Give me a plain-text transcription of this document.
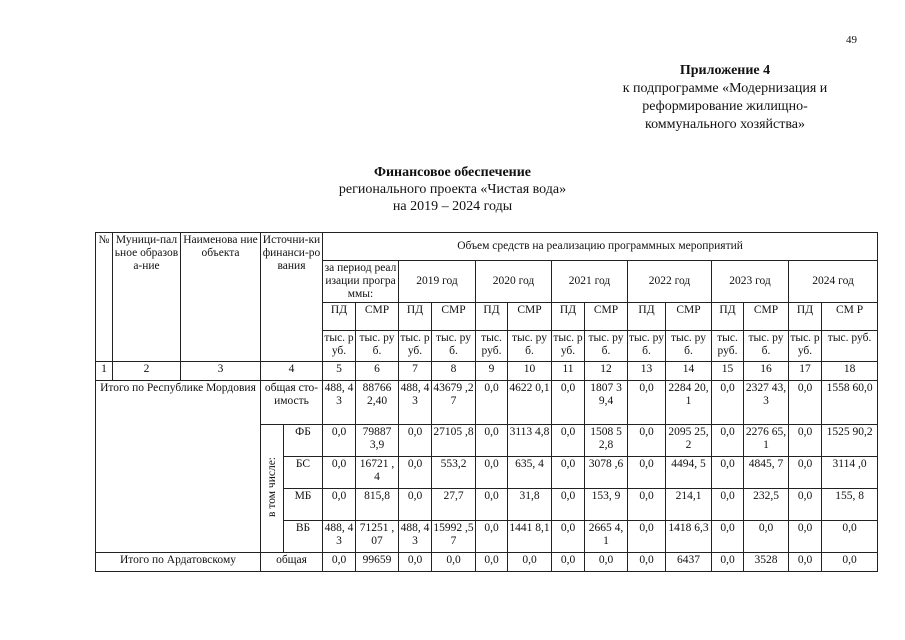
49
Приложение 4
к подпрограмме «Модернизация и
реформирование жилищно-
коммунального хозяйства»
Финансовое обеспечение
регионального проекта «Чистая вода»
на 2019 – 2024 годы
№	Муници-пальное образова-ние	Наименова ние объекта	Источни-ки финанси-рования		Объем средств на реализацию программных мероприятий													
					за период реализации программы:		2019 год		2020 год		2021 год		2022 год		2023 год		2024 год	
					ПД	СМР	ПД	СМР	ПД	СМР	ПД	СМР	ПД	СМР	ПД	СМР	ПД	СМ Р
					тыс. руб.	тыс. руб.	тыс. руб.	тыс. руб.	тыс. руб.	тыс. руб.	тыс. руб.	тыс. руб.	тыс. руб.	тыс. руб.	тыс. руб.	тыс. руб.	тыс. руб.	тыс. руб.
1	2	3	4		5	6	7	8	9	10	11	12	13	14	15	16	17	18
Итого по Республике Мордовия			общая сто-имость		488, 43	88766 2,40	488, 43	43679 ,27	0,0	4622 0,1	0,0	1807 39,4	0,0	2284 20,1	0,0	2327 43,3	0,0	1558 60,0
			в том числе:	ФБ	0,0	79887 3,9	0,0	27105 ,8	0,0	3113 4,8	0,0	1508 52,8	0,0	2095 25,2	0,0	2276 65,1	0,0	1525 90,2
				БС	0,0	16721 ,4	0,0	553,2	0,0	635, 4	0,0	3078 ,6	0,0	4494, 5	0,0	4845, 7	0,0	3114 ,0
				МБ	0,0	815,8	0,0	27,7	0,0	31,8	0,0	153, 9	0,0	214,1	0,0	232,5	0,0	155, 8
				ВБ	488, 43	71251 ,07	488, 43	15992 ,57	0,0	1441 8,1	0,0	2665 4,1	0,0	1418 6,3	0,0	0,0	0,0	0,0
Итого по Ардатовскому			общая		0,0	99659	0,0	0,0	0,0	0,0	0,0	0,0	0,0	6437	0,0	3528	0,0	0,0
